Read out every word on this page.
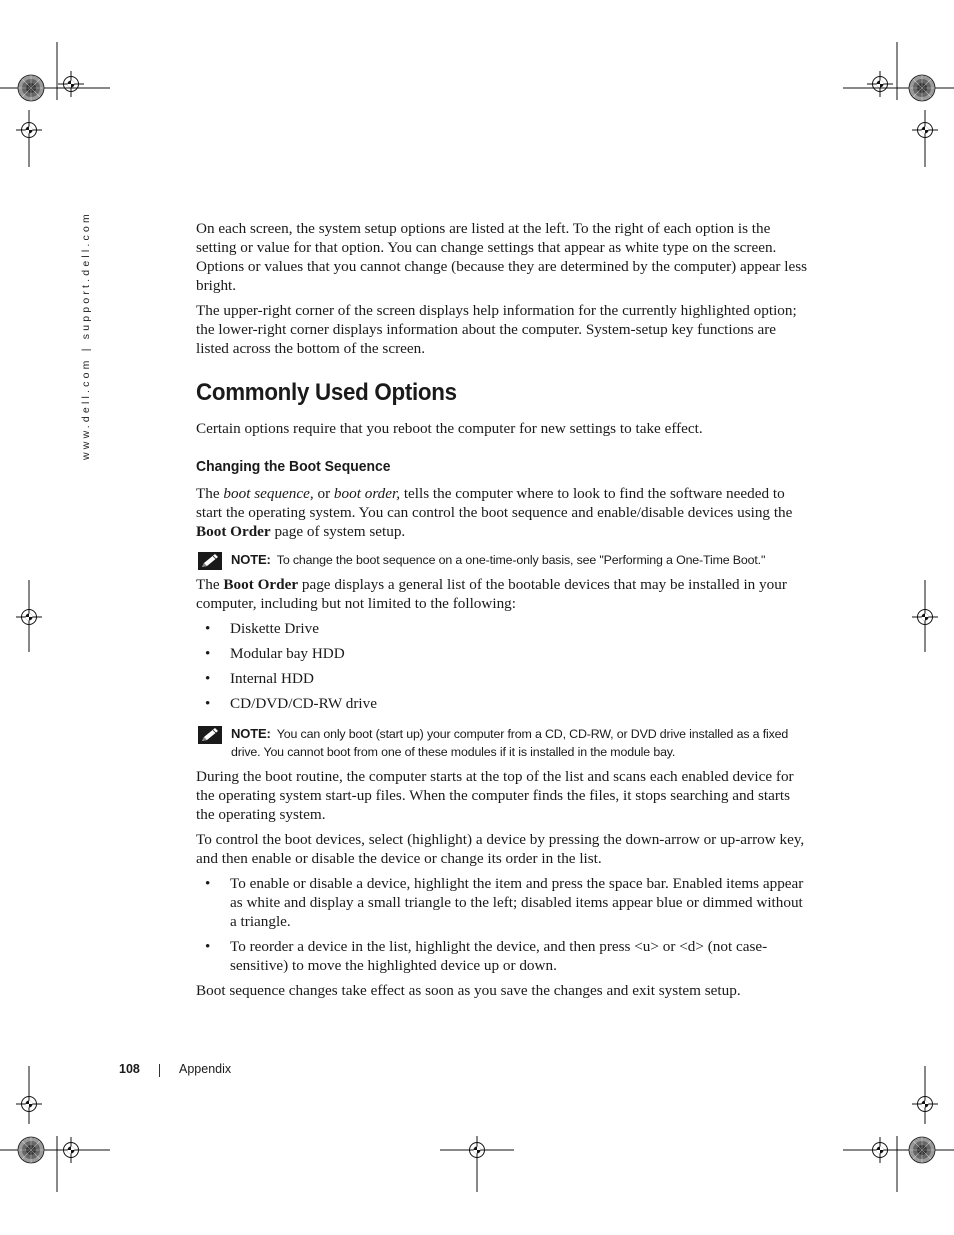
www.dell.com | support.dell.com	On each screen, the system setup options are listed at the left. To the right of each option is the setting or value for that option. You can change settings that appear as white type on the screen. Options or values that you cannot change (because they are determined by the computer) appear less bright.

The upper-right corner of the screen displays help information for the currently highlighted option; the lower-right corner displays information about the computer. System-setup key functions are listed across the bottom of the screen.

Commonly Used Options

Certain options require that you reboot the computer for new settings to take effect.

Changing the Boot Sequence

The boot sequence, or boot order, tells the computer where to look to find the software needed to start the operating system. You can control the boot sequence and enable/disable devices using the Boot Order page of system setup.

NOTE: To change the boot sequence on a one-time-only basis, see "Performing a One-Time Boot."

The Boot Order page displays a general list of the bootable devices that may be installed in your computer, including but not limited to the following:

• Diskette Drive
• Modular bay HDD
• Internal HDD
• CD/DVD/CD-RW drive
NOTE: You can only boot (start up) your computer from a CD, CD-RW, or DVD drive installed as a fixed drive. You cannot boot from one of these modules if it is installed in the module bay.

During the boot routine, the computer starts at the top of the list and scans each enabled device for the operating system start-up files. When the computer finds the files, it stops searching and starts the operating system.

To control the boot devices, select (highlight) a device by pressing the down-arrow or up-arrow key, and then enable or disable the device or change its order in the list.

• To enable or disable a device, highlight the item and press the space bar. Enabled items appear as white and display a small triangle to the left; disabled items appear blue or dimmed without a triangle.
• To reorder a device in the list, highlight the device, and then press <u> or <d> (not case-sensitive) to move the highlighted device up or down.

Boot sequence changes take effect as soon as you save the changes and exit system setup.

108	Appendix
